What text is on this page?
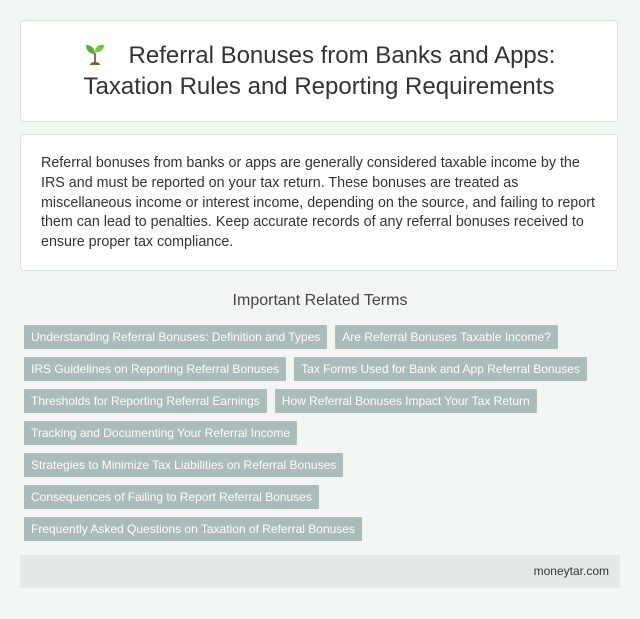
Referral Bonuses from Banks and Apps:
Taxation Rules and Reporting Requirements

Referral bonuses from banks or apps are generally considered taxable income by the IRS and must be reported on your tax return. These bonuses are treated as miscellaneous income or interest income, depending on the source, and failing to report them can lead to penalties. Keep accurate records of any referral bonuses received to ensure proper tax compliance.

Important Related Terms
Understanding Referral Bonuses: Definition and Types	Are Referral Bonuses Taxable Income?
IRS Guidelines on Reporting Referral Bonuses	Tax Forms Used for Bank and App Referral Bonuses
Thresholds for Reporting Referral Earnings	How Referral Bonuses Impact Your Tax Return
Tracking and Documenting Your Referral Income
Strategies to Minimize Tax Liabilities on Referral Bonuses
Consequences of Failing to Report Referral Bonuses
Frequently Asked Questions on Taxation of Referral Bonuses
moneytar.com
